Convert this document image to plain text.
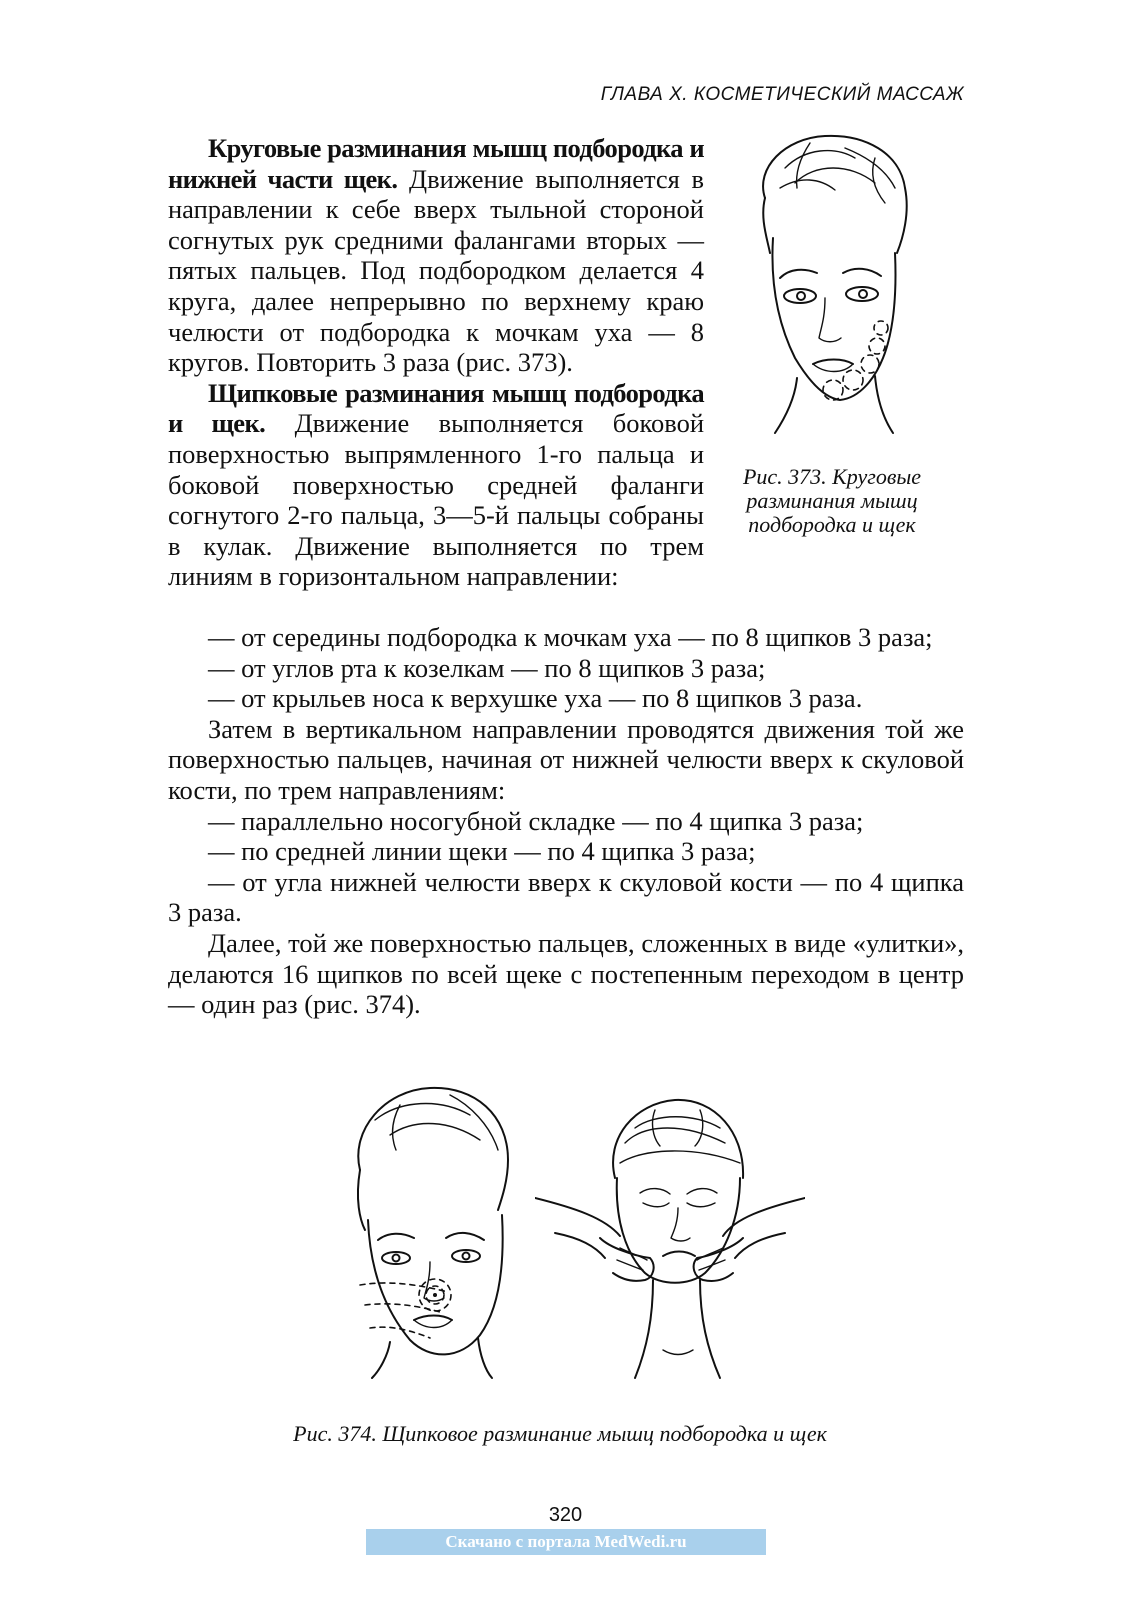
ГЛАВА X. КОСМЕТИЧЕСКИЙ МАССАЖ

Круговые разминания мышц подбородка и нижней части щек. Движение выполняется в направлении к себе вверх тыльной стороной согнутых рук средними фалангами вторых — пятых пальцев. Под подбородком делается 4 круга, далее непрерывно по верхнему краю челюсти от подбородка к мочкам уха — 8 кругов. Повторить 3 раза (рис. 373).

Щипковые разминания мышц подбородка и щек. Движение выполняется боковой поверхностью выпрямленного 1-го пальца и боковой поверхностью средней фаланги согнутого 2-го пальца, 3—5-й пальцы собраны в кулак. Движение выполняется по трем линиям в горизонтальном направлении:

— от середины подбородка к мочкам уха — по 8 щипков 3 раза;

— от углов рта к козелкам — по 8 щипков 3 раза;

— от крыльев носа к верхушке уха — по 8 щипков 3 раза.

Затем в вертикальном направлении проводятся движения той же поверхностью пальцев, начиная от нижней челюсти вверх к скуловой кости, по трем направлениям:

— параллельно носогубной складке — по 4 щипка 3 раза;

— по средней линии щеки — по 4 щипка 3 раза;

— от угла нижней челюсти вверх к скуловой кости — по 4 щипка 3 раза.

Далее, той же поверхностью пальцев, сложенных в виде «улитки», делаются 16 щипков по всей щеке с постепенным переходом в центр — один раз (рис. 374).

Рис. 373. Круговые разминания мышц подбородка и щек
Рис. 374. Щипковое разминание мышц подбородка и щек
320
Скачано с портала MedWedi.ru
